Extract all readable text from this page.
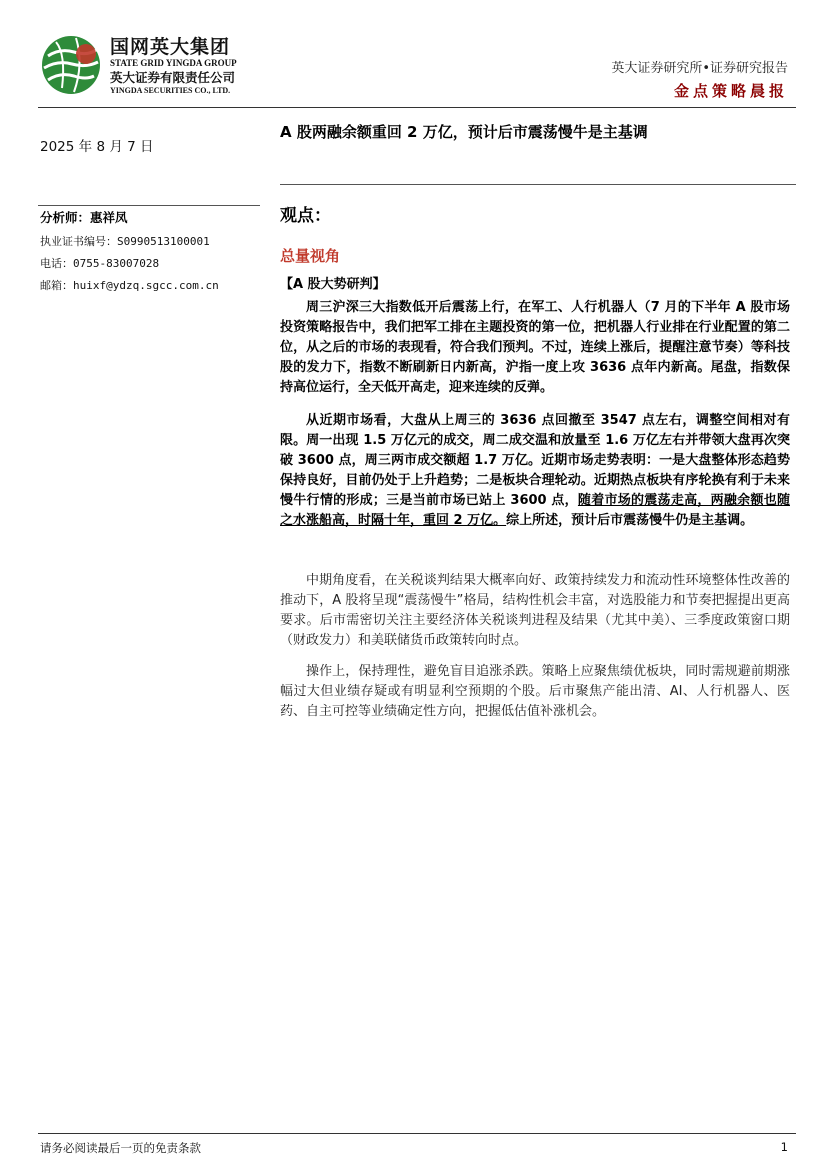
国网英大集团
STATE GRID YINGDA GROUP
英大证券有限责任公司
YINGDA SECURITIES CO., LTD.
英大证券研究所•证券研究报告
金点策略晨报
2025 年 8 月 7 日
A 股两融余额重回 2 万亿，预计后市震荡慢牛是主基调
分析师：惠祥凤
执业证书编号：S0990513100001
电话：0755-83007028
邮箱：huixf@ydzq.sgcc.com.cn
观点：
总量视角
【A 股大势研判】

周三沪深三大指数低开后震荡上行，在军工、人行机器人（7 月的下半年 A 股市场投资策略报告中，我们把军工排在主题投资的第一位，把机器人行业排在行业配置的第二位，从之后的市场的表现看，符合我们预判。不过，连续上涨后，提醒注意节奏）等科技股的发力下，指数不断刷新日内新高，沪指一度上攻 3636 点年内新高。尾盘，指数保持高位运行，全天低开高走，迎来连续的反弹。

从近期市场看，大盘从上周三的 3636 点回撤至 3547 点左右，调整空间相对有限。周一出现 1.5 万亿元的成交，周二成交温和放量至 1.6 万亿左右并带领大盘再次突破 3600 点，周三两市成交额超 1.7 万亿。近期市场走势表明：一是大盘整体形态趋势保持良好，目前仍处于上升趋势；二是板块合理轮动。近期热点板块有序轮换有利于未来慢牛行情的形成；三是当前市场已站上 3600 点，随着市场的震荡走高，两融余额也随之水涨船高，时隔十年，重回 2 万亿。综上所述，预计后市震荡慢牛仍是主基调。

中期角度看，在关税谈判结果大概率向好、政策持续发力和流动性环境整体性改善的推动下，A 股将呈现“震荡慢牛”格局，结构性机会丰富，对选股能力和节奏把握提出更高要求。后市需密切关注主要经济体关税谈判进程及结果（尤其中美）、三季度政策窗口期（财政发力）和美联储货币政策转向时点。

操作上，保持理性，避免盲目追涨杀跌。策略上应聚焦绩优板块，同时需规避前期涨幅过大但业绩存疑或有明显利空预期的个股。后市聚焦产能出清、AI、人行机器人、医药、自主可控等业绩确定性方向，把握低估值补涨机会。

请务必阅读最后一页的免责条款	1
